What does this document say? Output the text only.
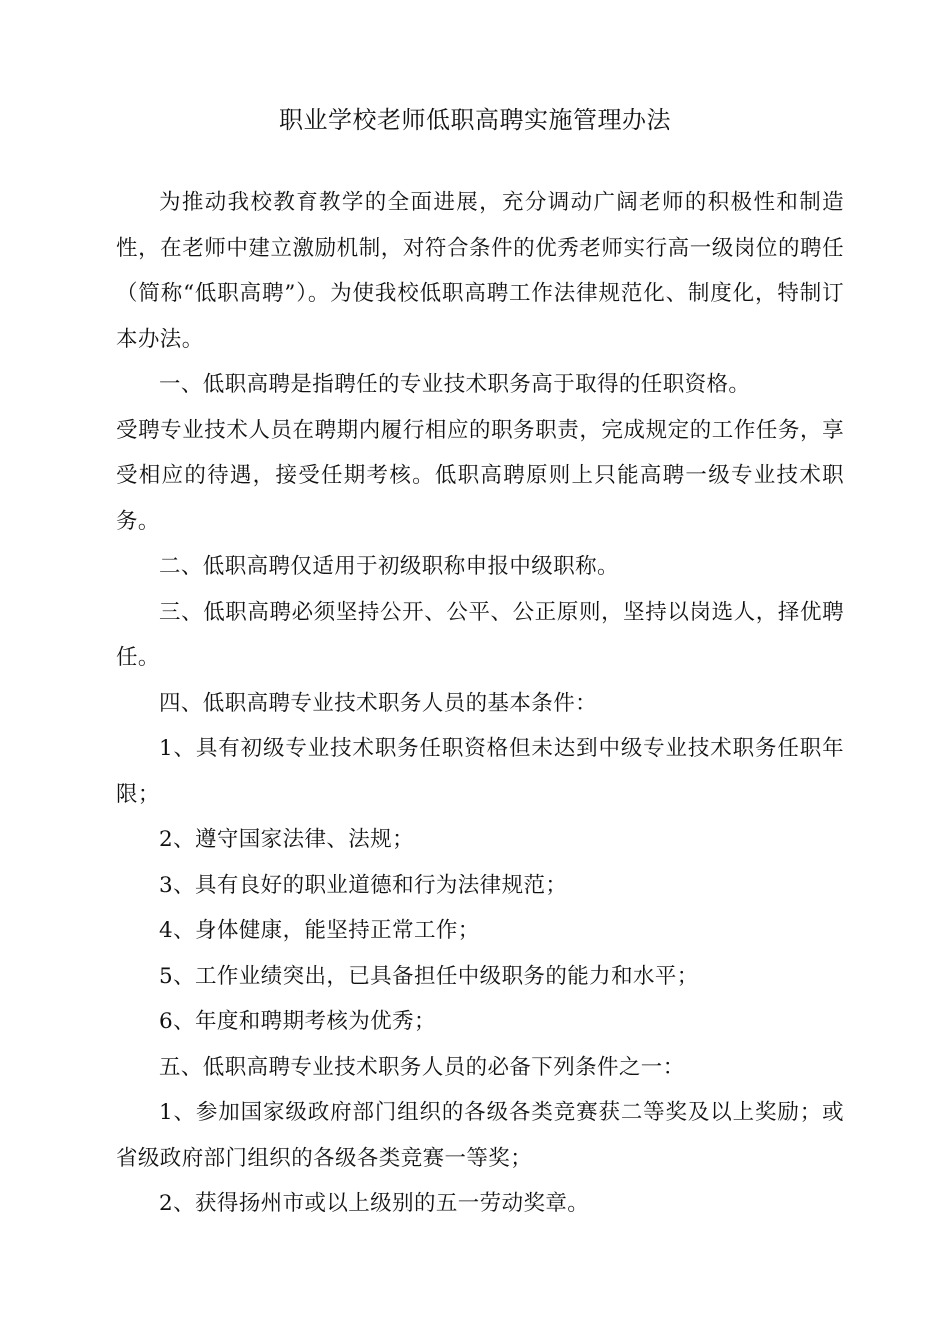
职业学校老师低职高聘实施管理办法

为推动我校教育教学的全面进展，充分调动广阔老师的积极性和制造性，在老师中建立激励机制，对符合条件的优秀老师实行高一级岗位的聘任（简称“低职高聘”）。为使我校低职高聘工作法律规范化、制度化，特制订本办法。

一、低职高聘是指聘任的专业技术职务高于取得的任职资格。

受聘专业技术人员在聘期内履行相应的职务职责，完成规定的工作任务，享受相应的待遇，接受任期考核。低职高聘原则上只能高聘一级专业技术职务。

二、低职高聘仅适用于初级职称申报中级职称。

三、低职高聘必须坚持公开、公平、公正原则，坚持以岗选人，择优聘任。

四、低职高聘专业技术职务人员的基本条件：

1、具有初级专业技术职务任职资格但未达到中级专业技术职务任职年限；

2、遵守国家法律、法规；

3、具有良好的职业道德和行为法律规范；

4、身体健康，能坚持正常工作；

5、工作业绩突出，已具备担任中级职务的能力和水平；

6、年度和聘期考核为优秀；

五、低职高聘专业技术职务人员的必备下列条件之一：

1、参加国家级政府部门组织的各级各类竞赛获二等奖及以上奖励；或省级政府部门组织的各级各类竞赛一等奖；

2、获得扬州市或以上级别的五一劳动奖章。
